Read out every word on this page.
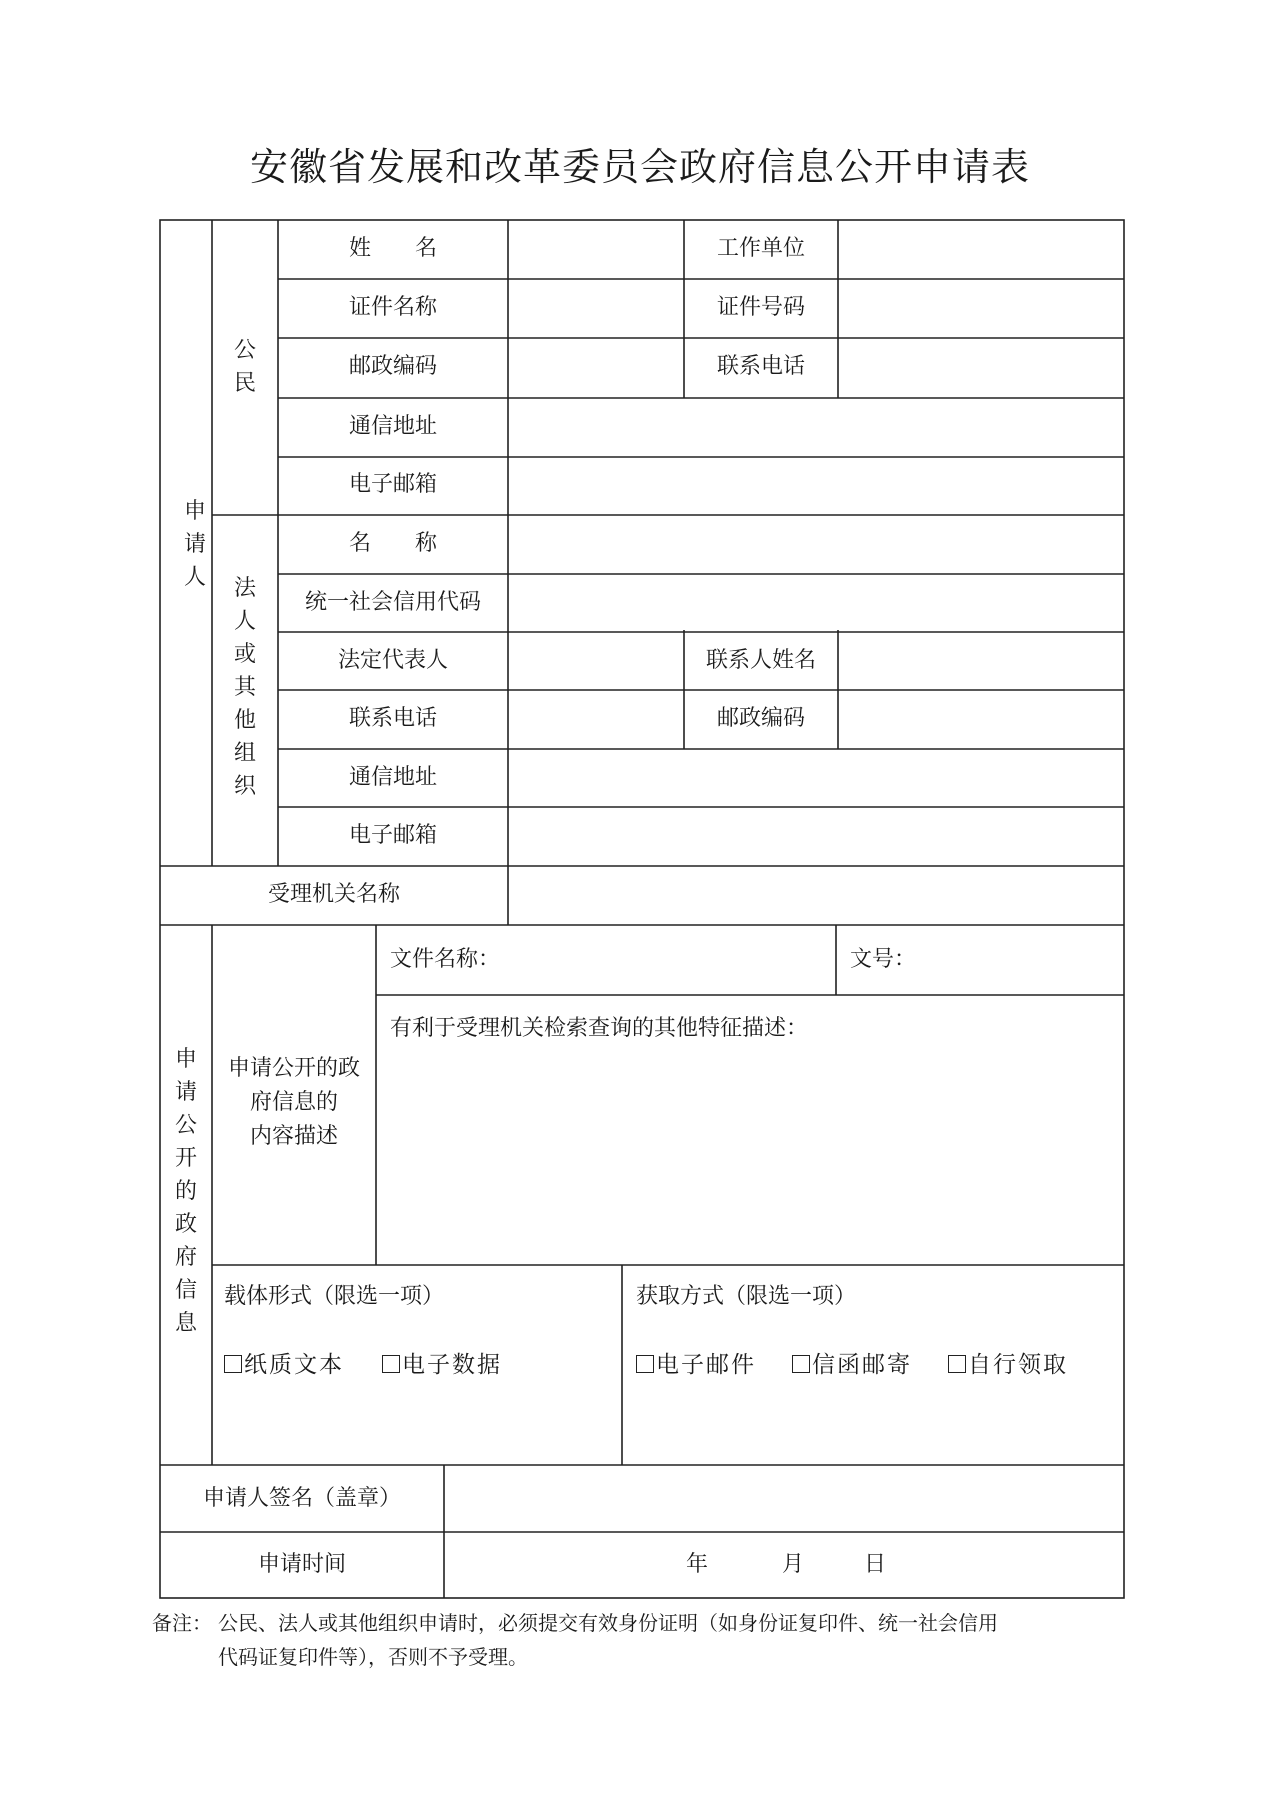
安徽省发展和改革委员会政府信息公开申请表
申
请
人
公
民
法
人
或
其
他
组
织
姓　　名	工作单位
证件名称	证件号码
邮政编码	联系电话
通信地址
电子邮箱
名　　称
统一社会信用代码
法定代表人	联系人姓名
联系电话	邮政编码
通信地址
电子邮箱
受理机关名称
申
请
公
开
的
政
府
信
息
申请公开的政
府信息的
内容描述
文件名称：	文号：
有利于受理机关检索查询的其他特征描述：
载体形式（限选一项）
纸质文本	电子数据
获取方式（限选一项）
电子邮件	信函邮寄	自行领取
申请人签名（盖章）
申请时间	年	月	日
备注： 公民、法人或其他组织申请时，必须提交有效身份证明（如身份证复印件、统一社会信用
代码证复印件等），否则不予受理。
